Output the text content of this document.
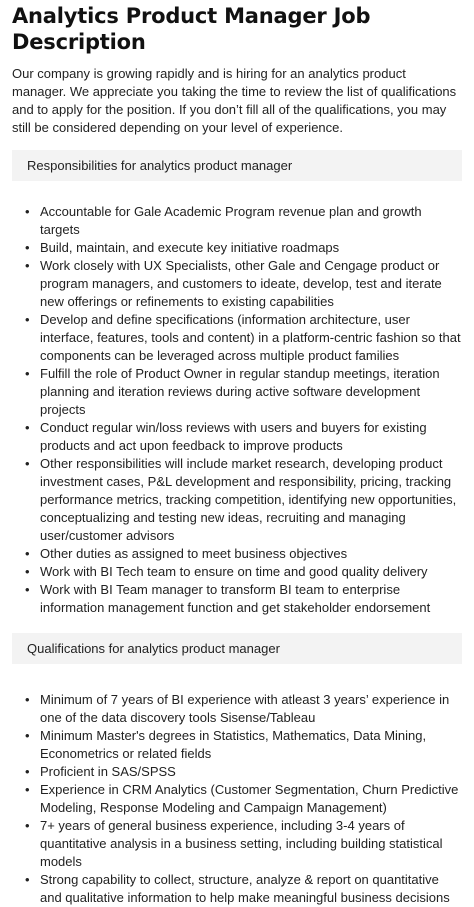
Analytics Product Manager Job Description

Our company is growing rapidly and is hiring for an analytics product manager. We appreciate you taking the time to review the list of qualifications and to apply for the position. If you don’t fill all of the qualifications, you may still be considered depending on your level of experience.

Responsibilities for analytics product manager
• Accountable for Gale Academic Program revenue plan and growth targets
• Build, maintain, and execute key initiative roadmaps
• Work closely with UX Specialists, other Gale and Cengage product or program managers, and customers to ideate, develop, test and iterate new offerings or refinements to existing capabilities
• Develop and define specifications (information architecture, user interface, features, tools and content) in a platform-centric fashion so that components can be leveraged across multiple product families
• Fulfill the role of Product Owner in regular standup meetings, iteration planning and iteration reviews during active software development projects
• Conduct regular win/loss reviews with users and buyers for existing products and act upon feedback to improve products
• Other responsibilities will include market research, developing product investment cases, P&L development and responsibility, pricing, tracking performance metrics, tracking competition, identifying new opportunities, conceptualizing and testing new ideas, recruiting and managing user/customer advisors
• Other duties as assigned to meet business objectives
• Work with BI Tech team to ensure on time and good quality delivery
• Work with BI Team manager to transform BI team to enterprise information management function and get stakeholder endorsement
Qualifications for analytics product manager
• Minimum of 7 years of BI experience with atleast 3 years’ experience in one of the data discovery tools Sisense/Tableau
• Minimum Master's degrees in Statistics, Mathematics, Data Mining, Econometrics or related fields
• Proficient in SAS/SPSS
• Experience in CRM Analytics (Customer Segmentation, Churn Predictive Modeling, Response Modeling and Campaign Management)
• 7+ years of general business experience, including 3-4 years of quantitative analysis in a business setting, including building statistical models
• Strong capability to collect, structure, analyze & report on quantitative and qualitative information to help make meaningful business decisions
